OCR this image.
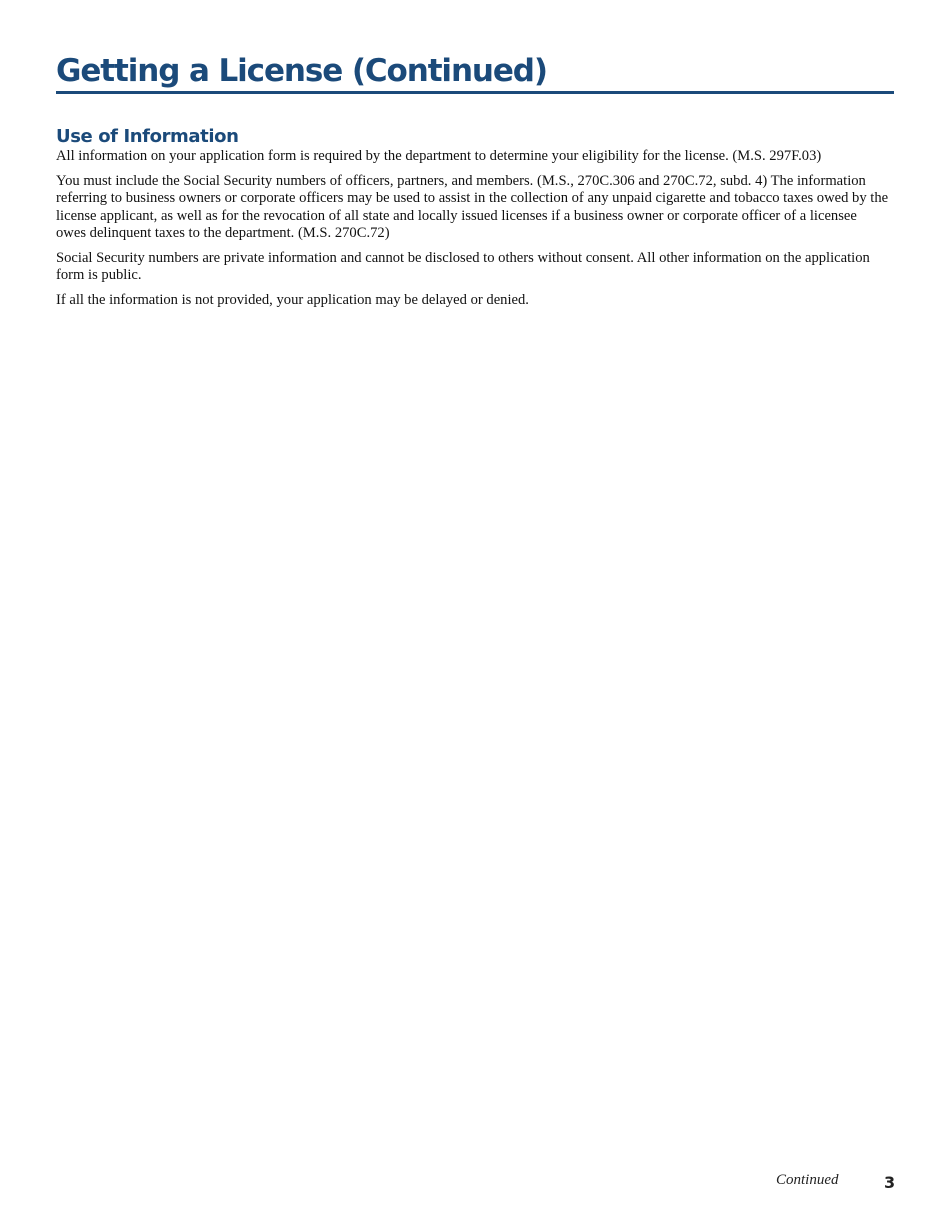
Getting a License (Continued)
Use of Information

All information on your application form is required by the department to determine your eligibility for the license. (M.S. 297F.03)

You must include the Social Security numbers of officers, partners, and members. (M.S., 270C.306 and 270C.72, subd. 4) The information referring to business owners or corporate officers may be used to assist in the collection of any unpaid cigarette and tobacco taxes owed by the license applicant, as well as for the revocation of all state and locally issued licenses if a business owner or corporate officer of a licensee owes delinquent taxes to the department. (M.S. 270C.72)

Social Security numbers are private information and cannot be disclosed to others without consent. All other information on the application form is public.

If all the information is not provided, your application may be delayed or denied.

Continued	3
